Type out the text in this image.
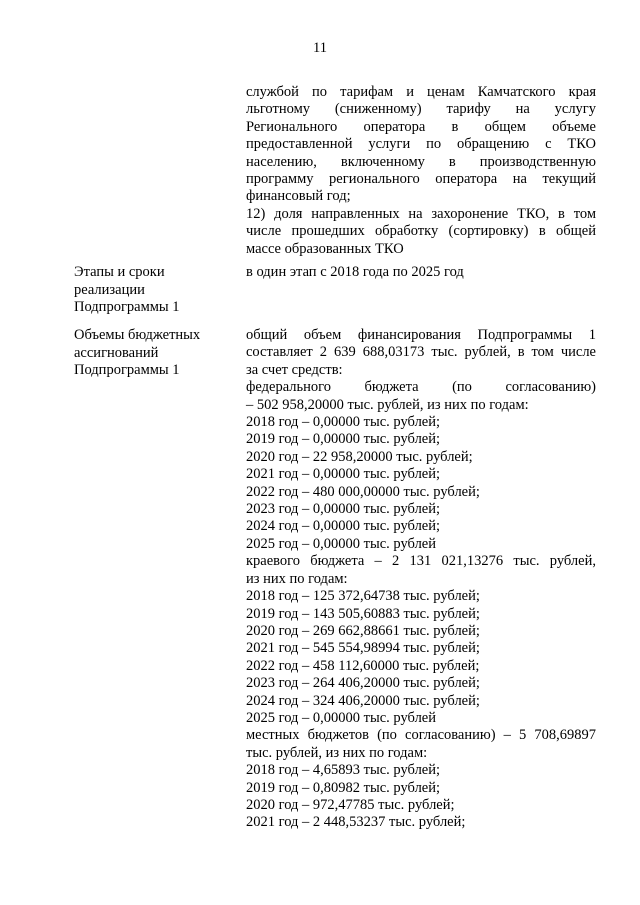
11
службой по тарифам и ценам Камчатского края
льготному (сниженному) тарифу на услугу
Регионального оператора в общем объеме
предоставленной услуги по обращению с ТКО
населению, включенному в производственную
программу регионального оператора на текущий
финансовый год;
12) доля направленных на захоронение ТКО, в том
числе прошедших обработку (сортировку) в общей
массе образованных ТКО
Этапы и сроки
реализации
Подпрограммы 1
в один этап с 2018 года по 2025 год
Объемы бюджетных
ассигнований
Подпрограммы 1
общий объем финансирования Подпрограммы 1
составляет 2 639 688,03173 тыс. рублей, в том числе
за счет средств:
федерального бюджета (по согласованию)
– 502 958,20000 тыс. рублей, из них по годам:
2018 год – 0,00000 тыс. рублей;
2019 год – 0,00000 тыс. рублей;
2020 год – 22 958,20000 тыс. рублей;
2021 год – 0,00000 тыс. рублей;
2022 год – 480 000,00000 тыс. рублей;
2023 год – 0,00000 тыс. рублей;
2024 год – 0,00000 тыс. рублей;
2025 год – 0,00000 тыс. рублей
краевого бюджета – 2 131 021,13276 тыс. рублей,
из них по годам:
2018 год – 125 372,64738 тыс. рублей;
2019 год – 143 505,60883 тыс. рублей;
2020 год – 269 662,88661 тыс. рублей;
2021 год – 545 554,98994 тыс. рублей;
2022 год – 458 112,60000 тыс. рублей;
2023 год – 264 406,20000 тыс. рублей;
2024 год – 324 406,20000 тыс. рублей;
2025 год – 0,00000 тыс. рублей
местных бюджетов (по согласованию) – 5 708,69897
тыс. рублей, из них по годам:
2018 год – 4,65893 тыс. рублей;
2019 год – 0,80982 тыс. рублей;
2020 год – 972,47785 тыс. рублей;
2021 год – 2 448,53237 тыс. рублей;
